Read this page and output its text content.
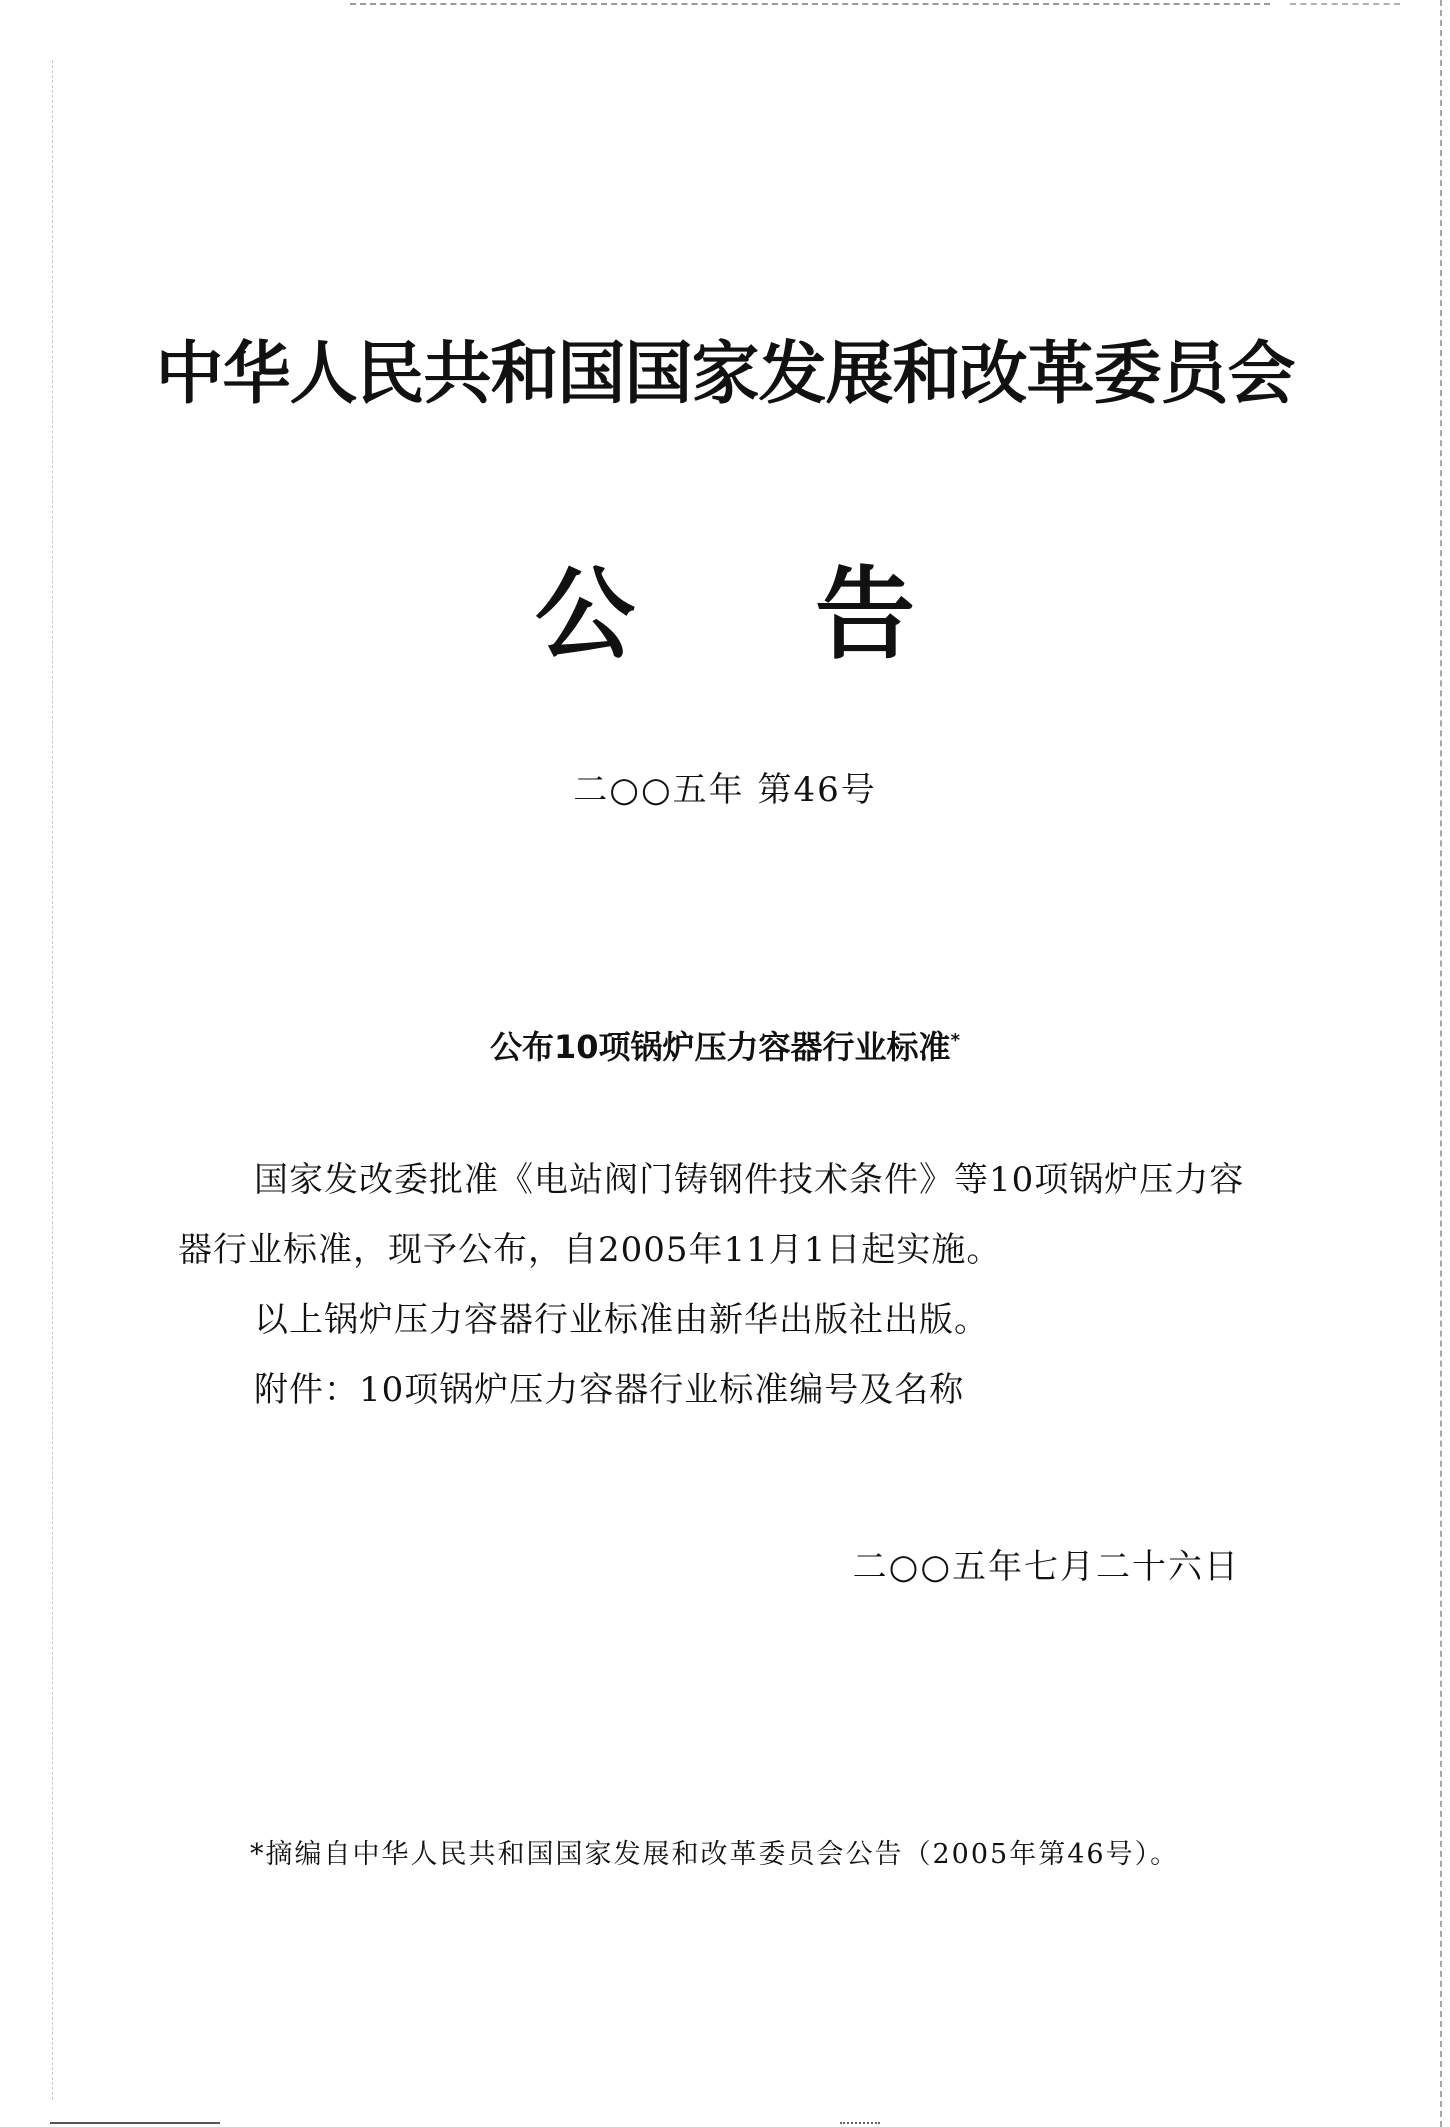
中华人民共和国国家发展和改革委员会
公告
二○○五年 第46号
公布10项锅炉压力容器行业标准*

国家发改委批准《电站阀门铸钢件技术条件》等10项锅炉压力容器行业标准，现予公布，自2005年11月1日起实施。

以上锅炉压力容器行业标准由新华出版社出版。

附件：10项锅炉压力容器行业标准编号及名称

二○○五年七月二十六日
*摘编自中华人民共和国国家发展和改革委员会公告（2005年第46号）。
